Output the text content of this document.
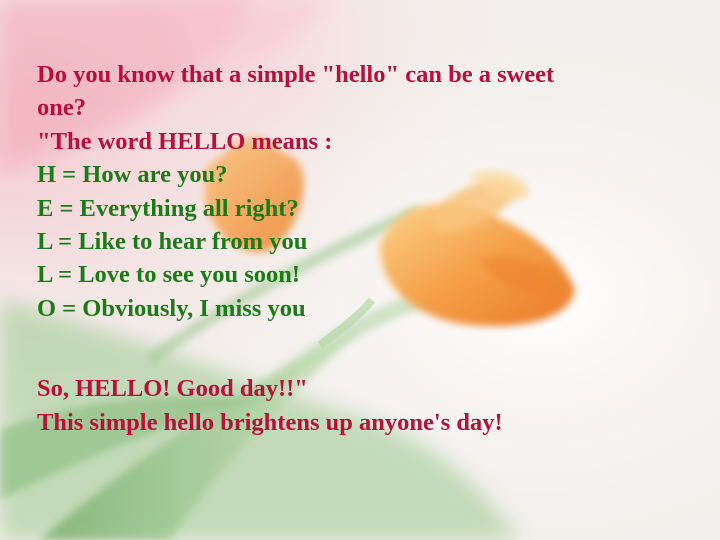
Do you know that a simple "hello" can be a sweet
one?
"The word HELLO means :
H = How are you?
E = Everything all right?
L = Like to hear from you
L = Love to see you soon!
O = Obviously, I miss you
So, HELLO! Good day!!"
This simple hello brightens up anyone's day!
